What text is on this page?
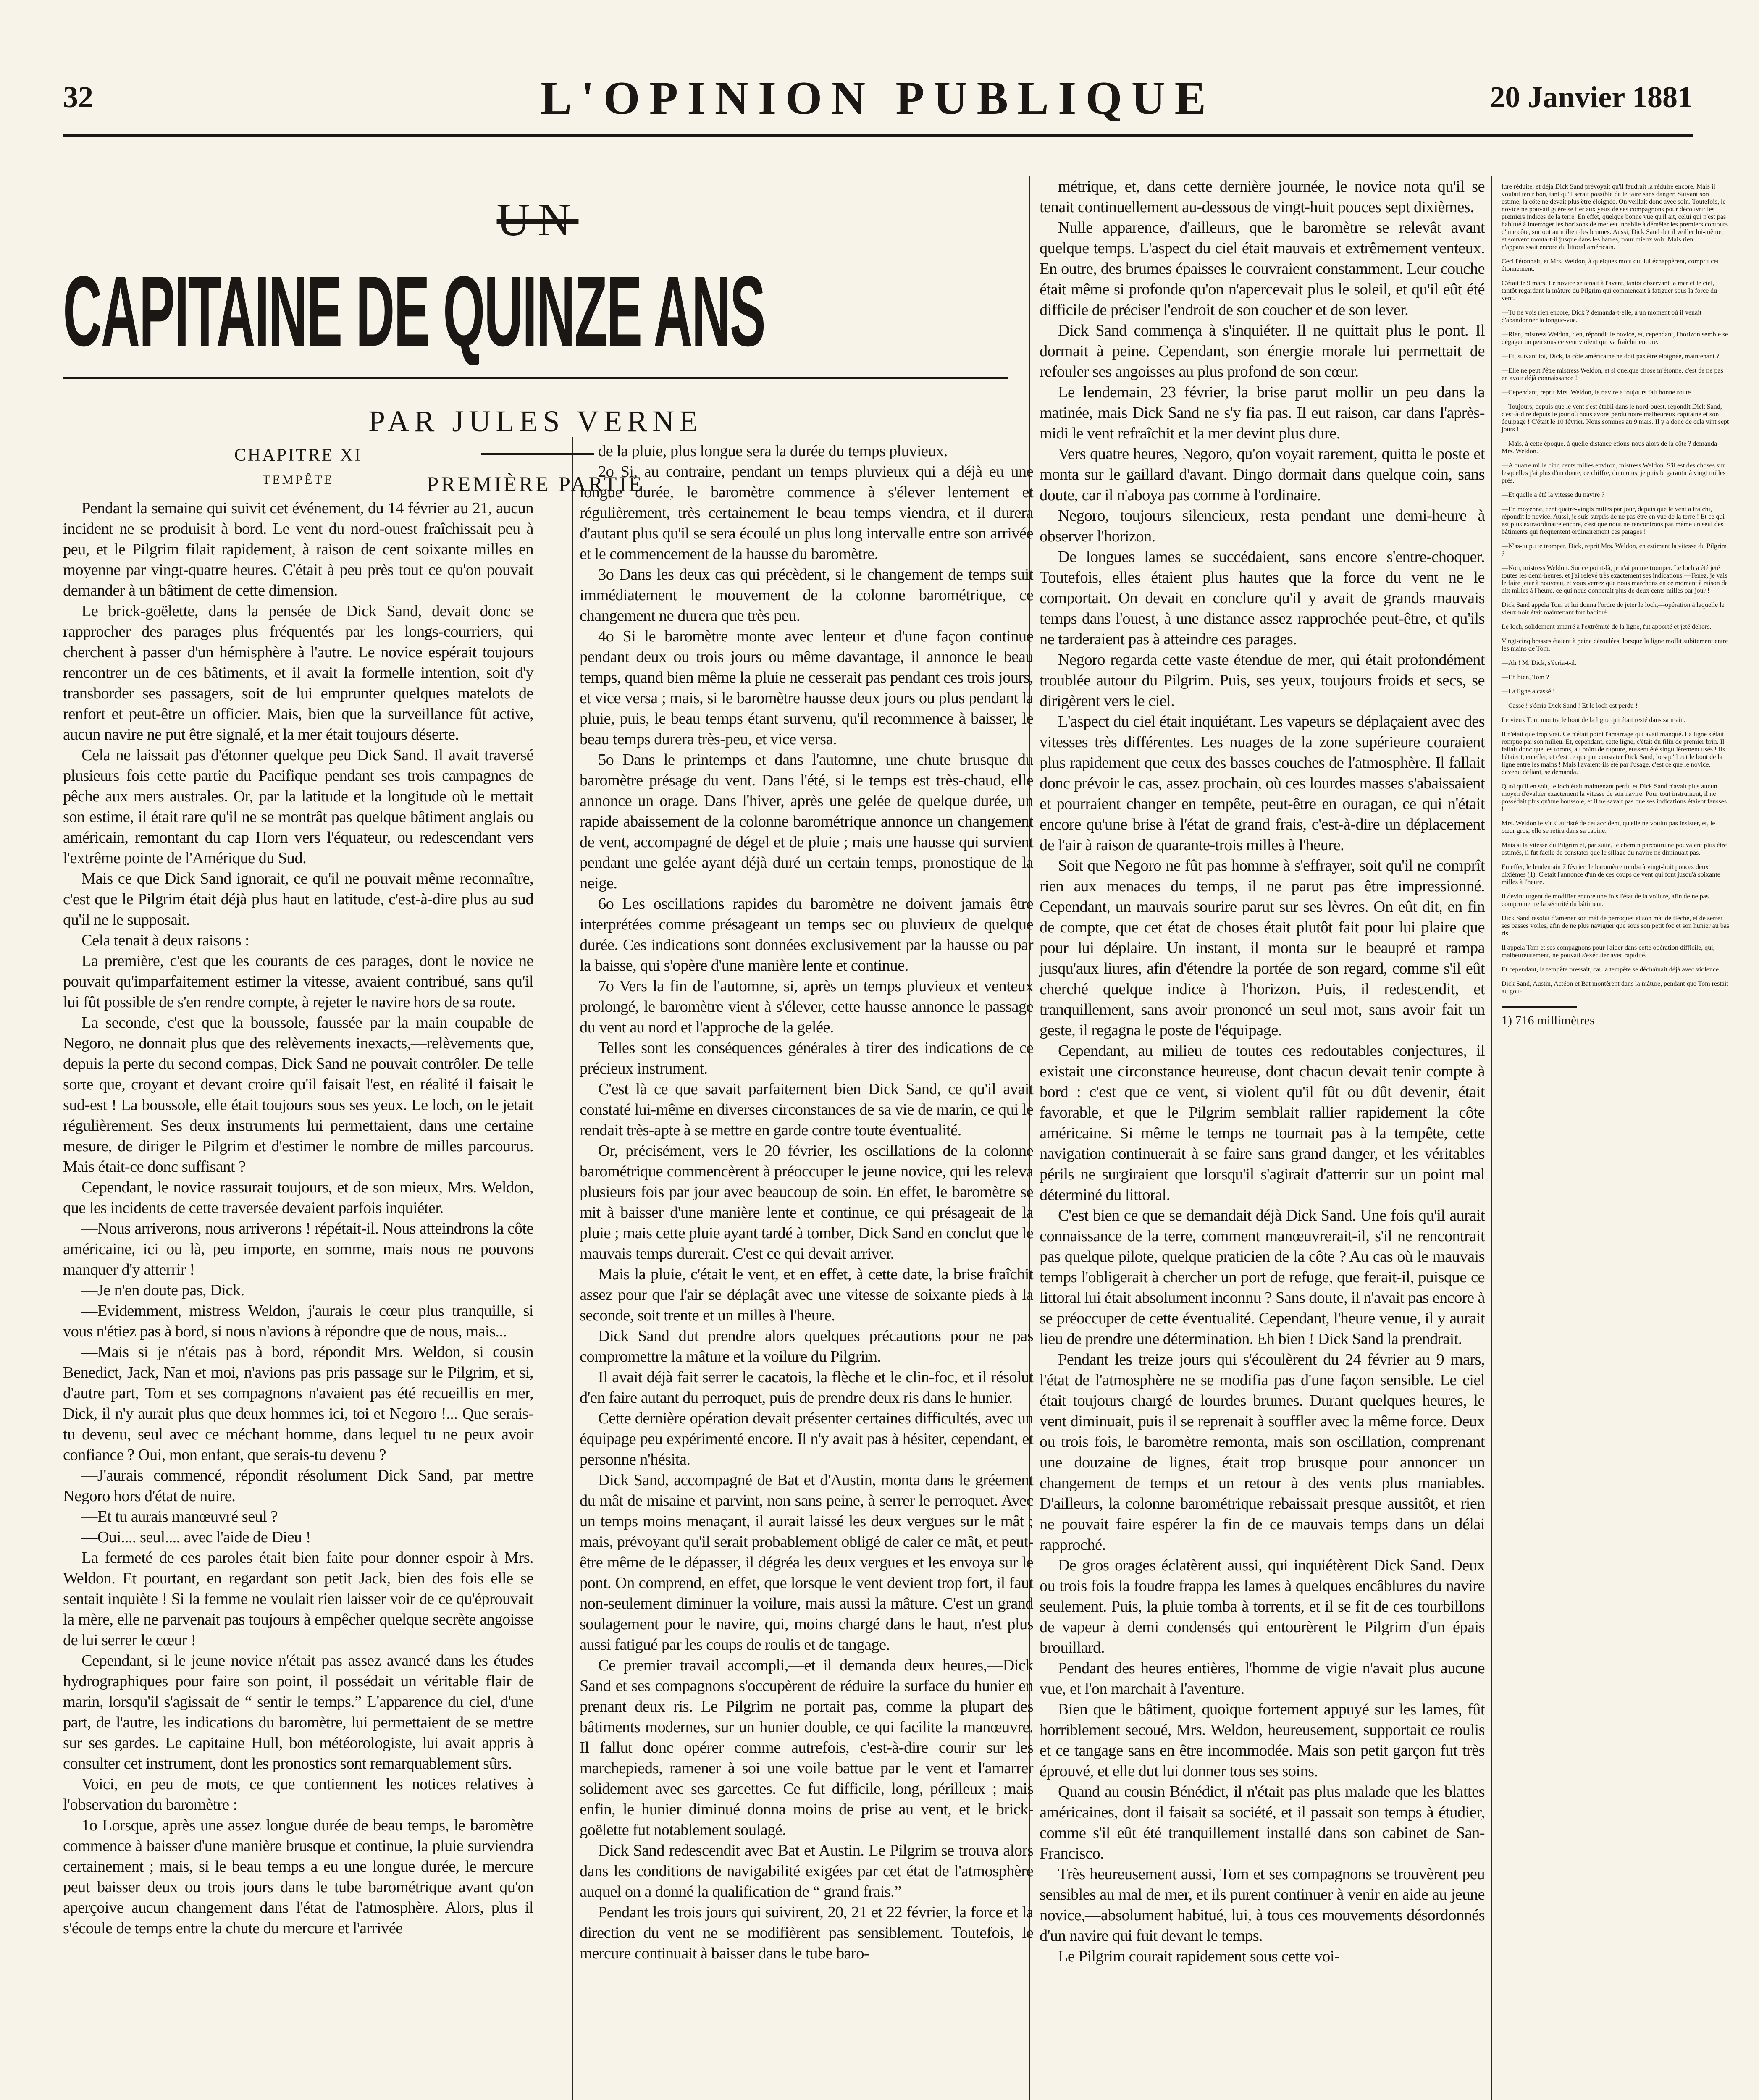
32	L'OPINION PUBLIQUE	20 Janvier 1881
UN
CAPITAINE DE QUINZE ANS
PAR JULES VERNE
PREMIÈRE PARTIE
CHAPITRE XI
TEMPÊTE

Pendant la semaine qui suivit cet événement, du 14 février au 21, aucun incident ne se produisit à bord. Le vent du nord-ouest fraîchissait peu à peu, et le Pilgrim filait rapidement, à raison de cent soixante milles en moyenne par vingt-quatre heures. C'était à peu près tout ce qu'on pouvait demander à un bâtiment de cette dimension.

Le brick-goëlette, dans la pensée de Dick Sand, devait donc se rapprocher des parages plus fréquentés par les longs-courriers, qui cherchent à passer d'un hémisphère à l'autre. Le novice espérait toujours rencontrer un de ces bâtiments, et il avait la formelle intention, soit d'y transborder ses passagers, soit de lui emprunter quelques matelots de renfort et peut-être un officier. Mais, bien que la surveillance fût active, aucun navire ne put être signalé, et la mer était toujours déserte.

Cela ne laissait pas d'étonner quelque peu Dick Sand. Il avait traversé plusieurs fois cette partie du Pacifique pendant ses trois campagnes de pêche aux mers australes. Or, par la latitude et la longitude où le mettait son estime, il était rare qu'il ne se montrât pas quelque bâtiment anglais ou américain, remontant du cap Horn vers l'équateur, ou redescendant vers l'extrême pointe de l'Amérique du Sud.

Mais ce que Dick Sand ignorait, ce qu'il ne pouvait même reconnaître, c'est que le Pilgrim était déjà plus haut en latitude, c'est-à-dire plus au sud qu'il ne le supposait.

Cela tenait à deux raisons :

La première, c'est que les courants de ces parages, dont le novice ne pouvait qu'imparfaitement estimer la vitesse, avaient contribué, sans qu'il lui fût possible de s'en rendre compte, à rejeter le navire hors de sa route.

La seconde, c'est que la boussole, faussée par la main coupable de Negoro, ne donnait plus que des relèvements inexacts,—relèvements que, depuis la perte du second compas, Dick Sand ne pouvait contrôler. De telle sorte que, croyant et devant croire qu'il faisait l'est, en réalité il faisait le sud-est ! La boussole, elle était toujours sous ses yeux. Le loch, on le jetait régulièrement. Ses deux instruments lui permettaient, dans une certaine mesure, de diriger le Pilgrim et d'estimer le nombre de milles parcourus. Mais était-ce donc suffisant ?

Cependant, le novice rassurait toujours, et de son mieux, Mrs. Weldon, que les incidents de cette traversée devaient parfois inquiéter.

—Nous arriverons, nous arriverons ! répétait-il. Nous atteindrons la côte américaine, ici ou là, peu importe, en somme, mais nous ne pouvons manquer d'y atterrir !

—Je n'en doute pas, Dick.

—Evidemment, mistress Weldon, j'aurais le cœur plus tranquille, si vous n'étiez pas à bord, si nous n'avions à répondre que de nous, mais...

—Mais si je n'étais pas à bord, répondit Mrs. Weldon, si cousin Benedict, Jack, Nan et moi, n'avions pas pris passage sur le Pilgrim, et si, d'autre part, Tom et ses compagnons n'avaient pas été recueillis en mer, Dick, il n'y aurait plus que deux hommes ici, toi et Negoro !... Que serais-tu devenu, seul avec ce méchant homme, dans lequel tu ne peux avoir confiance ? Oui, mon enfant, que serais-tu devenu ?

—J'aurais commencé, répondit résolument Dick Sand, par mettre Negoro hors d'état de nuire.

—Et tu aurais manœuvré seul ?

—Oui.... seul.... avec l'aide de Dieu !

La fermeté de ces paroles était bien faite pour donner espoir à Mrs. Weldon. Et pourtant, en regardant son petit Jack, bien des fois elle se sentait inquiète ! Si la femme ne voulait rien laisser voir de ce qu'éprouvait la mère, elle ne parvenait pas toujours à empêcher quelque secrète angoisse de lui serrer le cœur !

Cependant, si le jeune novice n'était pas assez avancé dans les études hydrographiques pour faire son point, il possédait un véritable flair de marin, lorsqu'il s'agissait de “ sentir le temps.” L'apparence du ciel, d'une part, de l'autre, les indications du baromètre, lui permettaient de se mettre sur ses gardes. Le capitaine Hull, bon météorologiste, lui avait appris à consulter cet instrument, dont les pronostics sont remarquablement sûrs.

Voici, en peu de mots, ce que contiennent les notices relatives à l'observation du baromètre :

1o Lorsque, après une assez longue durée de beau temps, le baromètre commence à baisser d'une manière brusque et continue, la pluie surviendra certainement ; mais, si le beau temps a eu une longue durée, le mercure peut baisser deux ou trois jours dans le tube barométrique avant qu'on aperçoive aucun changement dans l'état de l'atmosphère. Alors, plus il s'écoule de temps entre la chute du mercure et l'arrivée

de la pluie, plus longue sera la durée du temps pluvieux.

2o Si, au contraire, pendant un temps pluvieux qui a déjà eu une longue durée, le baromètre commence à s'élever lentement et régulièrement, très certainement le beau temps viendra, et il durera d'autant plus qu'il se sera écoulé un plus long intervalle entre son arrivée et le commencement de la hausse du baromètre.

3o Dans les deux cas qui précèdent, si le changement de temps suit immédiatement le mouvement de la colonne barométrique, ce changement ne durera que très peu.

4o Si le baromètre monte avec lenteur et d'une façon continue pendant deux ou trois jours ou même davantage, il annonce le beau temps, quand bien même la pluie ne cesserait pas pendant ces trois jours, et vice versa ; mais, si le baromètre hausse deux jours ou plus pendant la pluie, puis, le beau temps étant survenu, qu'il recommence à baisser, le beau temps durera très-peu, et vice versa.

5o Dans le printemps et dans l'automne, une chute brusque du baromètre présage du vent. Dans l'été, si le temps est très-chaud, elle annonce un orage. Dans l'hiver, après une gelée de quelque durée, un rapide abaissement de la colonne barométrique annonce un changement de vent, accompagné de dégel et de pluie ; mais une hausse qui survient pendant une gelée ayant déjà duré un certain temps, pronostique de la neige.

6o Les oscillations rapides du baromètre ne doivent jamais être interprétées comme présageant un temps sec ou pluvieux de quelque durée. Ces indications sont données exclusivement par la hausse ou par la baisse, qui s'opère d'une manière lente et continue.

7o Vers la fin de l'automne, si, après un temps pluvieux et venteux prolongé, le baromètre vient à s'élever, cette hausse annonce le passage du vent au nord et l'approche de la gelée.

Telles sont les conséquences générales à tirer des indications de ce précieux instrument.

C'est là ce que savait parfaitement bien Dick Sand, ce qu'il avait constaté lui-même en diverses circonstances de sa vie de marin, ce qui le rendait très-apte à se mettre en garde contre toute éventualité.

Or, précisément, vers le 20 février, les oscillations de la colonne barométrique commencèrent à préoccuper le jeune novice, qui les releva plusieurs fois par jour avec beaucoup de soin. En effet, le baromètre se mit à baisser d'une manière lente et continue, ce qui présageait de la pluie ; mais cette pluie ayant tardé à tomber, Dick Sand en conclut que le mauvais temps durerait. C'est ce qui devait arriver.

Mais la pluie, c'était le vent, et en effet, à cette date, la brise fraîchit assez pour que l'air se déplaçât avec une vitesse de soixante pieds à la seconde, soit trente et un milles à l'heure.

Dick Sand dut prendre alors quelques précautions pour ne pas compromettre la mâture et la voilure du Pilgrim.

Il avait déjà fait serrer le cacatois, la flèche et le clin-foc, et il résolut d'en faire autant du perroquet, puis de prendre deux ris dans le hunier.

Cette dernière opération devait présenter certaines difficultés, avec un équipage peu expérimenté encore. Il n'y avait pas à hésiter, cependant, et personne n'hésita.

Dick Sand, accompagné de Bat et d'Austin, monta dans le gréement du mât de misaine et parvint, non sans peine, à serrer le perroquet. Avec un temps moins menaçant, il aurait laissé les deux vergues sur le mât ; mais, prévoyant qu'il serait probablement obligé de caler ce mât, et peut-être même de le dépasser, il dégréa les deux vergues et les envoya sur le pont. On comprend, en effet, que lorsque le vent devient trop fort, il faut non-seulement diminuer la voilure, mais aussi la mâture. C'est un grand soulagement pour le navire, qui, moins chargé dans le haut, n'est plus aussi fatigué par les coups de roulis et de tangage.

Ce premier travail accompli,—et il demanda deux heures,—Dick Sand et ses compagnons s'occupèrent de réduire la surface du hunier en prenant deux ris. Le Pilgrim ne portait pas, comme la plupart des bâtiments modernes, sur un hunier double, ce qui facilite la manœuvre. Il fallut donc opérer comme autrefois, c'est-à-dire courir sur les marchepieds, ramener à soi une voile battue par le vent et l'amarrer solidement avec ses garcettes. Ce fut difficile, long, périlleux ; mais enfin, le hunier diminué donna moins de prise au vent, et le brick-goëlette fut notablement soulagé.

Dick Sand redescendit avec Bat et Austin. Le Pilgrim se trouva alors dans les conditions de navigabilité exigées par cet état de l'atmosphère auquel on a donné la qualification de “ grand frais.”

Pendant les trois jours qui suivirent, 20, 21 et 22 février, la force et la direction du vent ne se modifièrent pas sensiblement. Toutefois, le mercure continuait à baisser dans le tube baro-

métrique, et, dans cette dernière journée, le novice nota qu'il se tenait continuellement au-dessous de vingt-huit pouces sept dixièmes.

Nulle apparence, d'ailleurs, que le baromètre se relevât avant quelque temps. L'aspect du ciel était mauvais et extrêmement venteux. En outre, des brumes épaisses le couvraient constamment. Leur couche était même si profonde qu'on n'apercevait plus le soleil, et qu'il eût été difficile de préciser l'endroit de son coucher et de son lever.

Dick Sand commença à s'inquiéter. Il ne quittait plus le pont. Il dormait à peine. Cependant, son énergie morale lui permettait de refouler ses angoisses au plus profond de son cœur.

Le lendemain, 23 février, la brise parut mollir un peu dans la matinée, mais Dick Sand ne s'y fia pas. Il eut raison, car dans l'après-midi le vent refraîchit et la mer devint plus dure.

Vers quatre heures, Negoro, qu'on voyait rarement, quitta le poste et monta sur le gaillard d'avant. Dingo dormait dans quelque coin, sans doute, car il n'aboya pas comme à l'ordinaire.

Negoro, toujours silencieux, resta pendant une demi-heure à observer l'horizon.

De longues lames se succédaient, sans encore s'entre-choquer. Toutefois, elles étaient plus hautes que la force du vent ne le comportait. On devait en conclure qu'il y avait de grands mauvais temps dans l'ouest, à une distance assez rapprochée peut-être, et qu'ils ne tarderaient pas à atteindre ces parages.

Negoro regarda cette vaste étendue de mer, qui était profondément troublée autour du Pilgrim. Puis, ses yeux, toujours froids et secs, se dirigèrent vers le ciel.

L'aspect du ciel était inquiétant. Les vapeurs se déplaçaient avec des vitesses très différentes. Les nuages de la zone supérieure couraient plus rapidement que ceux des basses couches de l'atmosphère. Il fallait donc prévoir le cas, assez prochain, où ces lourdes masses s'abaissaient et pourraient changer en tempête, peut-être en ouragan, ce qui n'était encore qu'une brise à l'état de grand frais, c'est-à-dire un déplacement de l'air à raison de quarante-trois milles à l'heure.

Soit que Negoro ne fût pas homme à s'effrayer, soit qu'il ne comprît rien aux menaces du temps, il ne parut pas être impressionné. Cependant, un mauvais sourire parut sur ses lèvres. On eût dit, en fin de compte, que cet état de choses était plutôt fait pour lui plaire que pour lui déplaire. Un instant, il monta sur le beaupré et rampa jusqu'aux liures, afin d'étendre la portée de son regard, comme s'il eût cherché quelque indice à l'horizon. Puis, il redescendit, et tranquillement, sans avoir prononcé un seul mot, sans avoir fait un geste, il regagna le poste de l'équipage.

Cependant, au milieu de toutes ces redoutables conjectures, il existait une circonstance heureuse, dont chacun devait tenir compte à bord : c'est que ce vent, si violent qu'il fût ou dût devenir, était favorable, et que le Pilgrim semblait rallier rapidement la côte américaine. Si même le temps ne tournait pas à la tempête, cette navigation continuerait à se faire sans grand danger, et les véritables périls ne surgiraient que lorsqu'il s'agirait d'atterrir sur un point mal déterminé du littoral.

C'est bien ce que se demandait déjà Dick Sand. Une fois qu'il aurait connaissance de la terre, comment manœuvrerait-il, s'il ne rencontrait pas quelque pilote, quelque praticien de la côte ? Au cas où le mauvais temps l'obligerait à chercher un port de refuge, que ferait-il, puisque ce littoral lui était absolument inconnu ? Sans doute, il n'avait pas encore à se préoccuper de cette éventualité. Cependant, l'heure venue, il y aurait lieu de prendre une détermination. Eh bien ! Dick Sand la prendrait.

Pendant les treize jours qui s'écoulèrent du 24 février au 9 mars, l'état de l'atmosphère ne se modifia pas d'une façon sensible. Le ciel était toujours chargé de lourdes brumes. Durant quelques heures, le vent diminuait, puis il se reprenait à souffler avec la même force. Deux ou trois fois, le baromètre remonta, mais son oscillation, comprenant une douzaine de lignes, était trop brusque pour annoncer un changement de temps et un retour à des vents plus maniables. D'ailleurs, la colonne barométrique rebaissait presque aussitôt, et rien ne pouvait faire espérer la fin de ce mauvais temps dans un délai rapproché.

De gros orages éclatèrent aussi, qui inquiétèrent Dick Sand. Deux ou trois fois la foudre frappa les lames à quelques encâblures du navire seulement. Puis, la pluie tomba à torrents, et il se fit de ces tourbillons de vapeur à demi condensés qui entourèrent le Pilgrim d'un épais brouillard.

Pendant des heures entières, l'homme de vigie n'avait plus aucune vue, et l'on marchait à l'aventure.

Bien que le bâtiment, quoique fortement appuyé sur les lames, fût horriblement secoué, Mrs. Weldon, heureusement, supportait ce roulis et ce tangage sans en être incommodée. Mais son petit garçon fut très éprouvé, et elle dut lui donner tous ses soins.

Quand au cousin Bénédict, il n'était pas plus malade que les blattes américaines, dont il faisait sa société, et il passait son temps à étudier, comme s'il eût été tranquillement installé dans son cabinet de San-Francisco.

Très heureusement aussi, Tom et ses compagnons se trouvèrent peu sensibles au mal de mer, et ils purent continuer à venir en aide au jeune novice,—absolument habitué, lui, à tous ces mouvements désordonnés d'un navire qui fuit devant le temps.

Le Pilgrim courait rapidement sous cette voi-

lure réduite, et déjà Dick Sand prévoyait qu'il faudrait la réduire encore. Mais il voulait tenir bon, tant qu'il serait possible de le faire sans danger. Suivant son estime, la côte ne devait plus être éloignée. On veillait donc avec soin. Toutefois, le novice ne pouvait guère se fier aux yeux de ses compagnons pour découvrir les premiers indices de la terre. En effet, quelque bonne vue qu'il ait, celui qui n'est pas habitué à interroger les horizons de mer est inhabile à démêler les premiers contours d'une côte, surtout au milieu des brumes. Aussi, Dick Sand dut il veiller lui-même, et souvent monta-t-il jusque dans les barres, pour mieux voir. Mais rien n'apparaissait encore du littoral américain.

Ceci l'étonnait, et Mrs. Weldon, à quelques mots qui lui échappèrent, comprit cet étonnement.

C'était le 9 mars. Le novice se tenait à l'avant, tantôt observant la mer et le ciel, tantôt regardant la mâture du Pilgrim qui commençait à fatiguer sous la force du vent.

—Tu ne vois rien encore, Dick ? demanda-t-elle, à un moment où il venait d'abandonner la longue-vue.

—Rien, mistress Weldon, rien, répondit le novice, et, cependant, l'horizon semble se dégager un peu sous ce vent violent qui va fraîchir encore.

—Et, suivant toi, Dick, la côte américaine ne doit pas être éloignée, maintenant ?

—Elle ne peut l'être mistress Weldon, et si quelque chose m'étonne, c'est de ne pas en avoir déjà connaissance !

—Cependant, reprit Mrs. Weldon, le navire a toujours fait bonne route.

—Toujours, depuis que le vent s'est établi dans le nord-ouest, répondit Dick Sand, c'est-à-dire depuis le jour où nous avons perdu notre malheureux capitaine et son équipage ! C'était le 10 février. Nous sommes au 9 mars. Il y a donc de cela vint sept jours !

—Mais, à cette époque, à quelle distance étions-nous alors de la côte ? demanda Mrs. Weldon.

—A quatre mille cinq cents milles environ, mistress Weldon. S'il est des choses sur lesquelles j'ai plus d'un doute, ce chiffre, du moins, je puis le garantir à vingt milles près.

—Et quelle a été la vitesse du navire ?

—En moyenne, cent quatre-vingts milles par jour, depuis que le vent a fraîchi, répondit le novice. Aussi, je suis surpris de ne pas être en vue de la terre ! Et ce qui est plus extraordinaire encore, c'est que nous ne rencontrons pas même un seul des bâtiments qui fréquentent ordinairement ces parages !

—N'as-tu pu te tromper, Dick, reprit Mrs. Weldon, en estimant la vitesse du Pilgrim ?

—Non, mistress Weldon. Sur ce point-là, je n'ai pu me tromper. Le loch a été jeté toutes les demi-heures, et j'ai relevé très exactement ses indications.—Tenez, je vais le faire jeter à nouveau, et vous verrez que nous marchons en ce moment à raison de dix milles à l'heure, ce qui nous donnerait plus de deux cents milles par jour !

Dick Sand appela Tom et lui donna l'ordre de jeter le loch,—opération à laquelle le vieux noir était maintenant fort habitué.

Le loch, solidement amarré à l'extrémité de la ligne, fut apporté et jeté dehors.

Vingt-cinq brasses étaient à peine déroulées, lorsque la ligne mollit subitement entre les mains de Tom.

—Ah ! M. Dick, s'écria-t-il.

—Eh bien, Tom ?

—La ligne a cassé !

—Cassé ! s'écria Dick Sand ! Et le loch est perdu !

Le vieux Tom montra le bout de la ligne qui était resté dans sa main.

Il n'était que trop vrai. Ce n'était point l'amarrage qui avait manqué. La ligne s'était rompue par son milieu. Et, cependant, cette ligne, c'était du filin de premier brin. Il fallait donc que les torons, au point de rupture, eussent été singulièrement usés ! Ils l'étaient, en effet, et c'est ce que put constater Dick Sand, lorsqu'il eut le bout de la ligne entre les mains ! Mais l'avaient-ils été par l'usage, c'est ce que le novice, devenu défiant, se demanda.

Quoi qu'il en soit, le loch était maintenant perdu et Dick Sand n'avait plus aucun moyen d'évaluer exactement la vitesse de son navire. Pour tout instrument, il ne possédait plus qu'une boussole, et il ne savait pas que ses indications étaient fausses !

Mrs. Weldon le vit si attristé de cet accident, qu'elle ne voulut pas insister, et, le cœur gros, elle se retira dans sa cabine.

Mais si la vitesse du Pilgrim et, par suite, le chemin parcouru ne pouvaient plus être estimés, il fut facile de constater que le sillage du navire ne diminuait pas.

En effet, le lendemain 7 février, le baromètre tomba à vingt-huit pouces deux dixièmes (1). C'était l'annonce d'un de ces coups de vent qui font jusqu'à soixante milles à l'heure.

Il devint urgent de modifier encore une fois l'état de la voilure, afin de ne pas compromettre la sécurité du bâtiment.

Dick Sand résolut d'amener son mât de perroquet et son mât de flèche, et de serrer ses basses voiles, afin de ne plus naviguer que sous son petit foc et son hunier au bas ris.

Il appela Tom et ses compagnons pour l'aider dans cette opération difficile, qui, malheureusement, ne pouvait s'exécuter avec rapidité.

Et cependant, la tempête pressait, car la tempête se déchaînait déjà avec violence.

Dick Sand, Austin, Actéon et Bat montèrent dans la mâture, pendant que Tom restait au gou-

1) 716 millimètres
